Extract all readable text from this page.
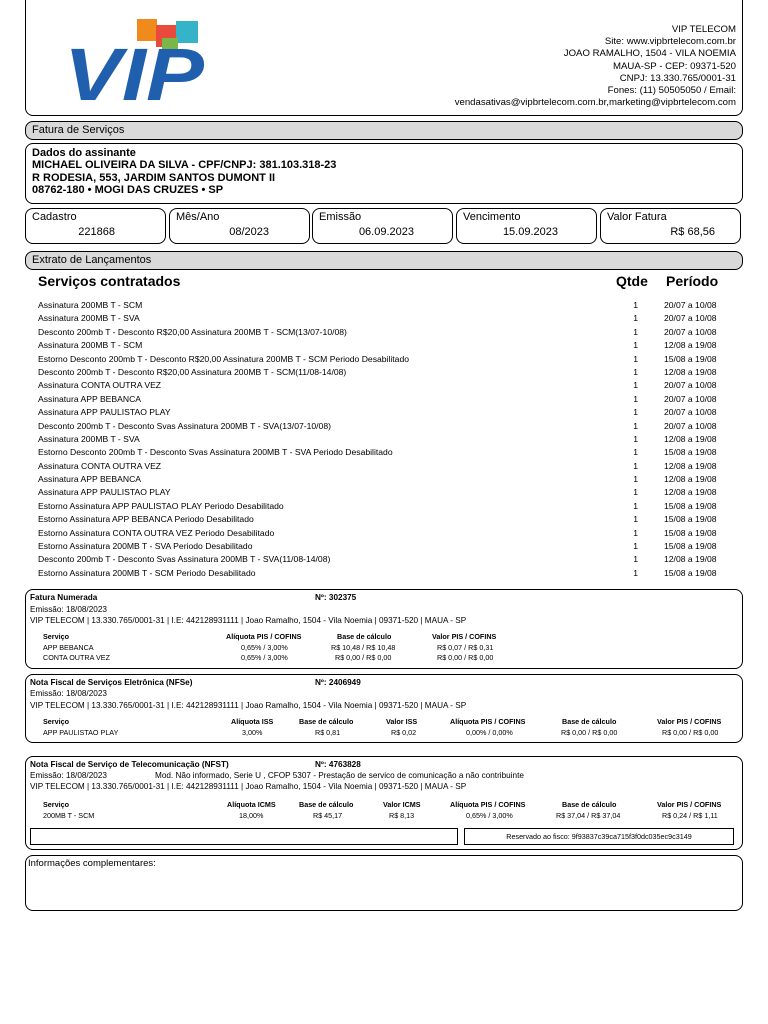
VIP
VIP TELECOM
Site: www.vipbrtelecom.com.br
JOAO RAMALHO, 1504 - VILA NOEMIA
MAUA-SP - CEP: 09371-520
CNPJ: 13.330.765/0001-31
Fones: (11) 50505050 / Email:
vendasativas@vipbrtelecom.com.br,marketing@vipbrtelecom.com
Fatura de Serviços
Dados do assinante
MICHAEL OLIVEIRA DA SILVA - CPF/CNPJ: 381.103.318-23
R RODESIA, 553, JARDIM SANTOS DUMONT II
08762-180 • MOGI DAS CRUZES • SP
Cadastro
221868
Mês/Ano
08/2023
Emissão
06.09.2023
Vencimento
15.09.2023
Valor Fatura
R$ 68,56
Extrato de Lançamentos
Serviços contratados	Qtde Período
Assinatura 200MB T - SCM	1	20/07 a 10/08
Assinatura 200MB T - SVA	1	20/07 a 10/08
Desconto 200mb T - Desconto R$20,00 Assinatura 200MB T - SCM(13/07-10/08)	1	20/07 a 10/08
Assinatura 200MB T - SCM	1	12/08 a 19/08
Estorno Desconto 200mb T - Desconto R$20,00 Assinatura 200MB T - SCM Periodo Desabilitado	1	15/08 a 19/08
Desconto 200mb T - Desconto R$20,00 Assinatura 200MB T - SCM(11/08-14/08)	1	12/08 a 19/08
Assinatura CONTA OUTRA VEZ	1	20/07 a 10/08
Assinatura APP BEBANCA	1	20/07 a 10/08
Assinatura APP PAULISTAO PLAY	1	20/07 a 10/08
Desconto 200mb T - Desconto Svas Assinatura 200MB T - SVA(13/07-10/08)	1	20/07 a 10/08
Assinatura 200MB T - SVA	1	12/08 a 19/08
Estorno Desconto 200mb T - Desconto Svas Assinatura 200MB T - SVA Periodo Desabilitado	1	15/08 a 19/08
Assinatura CONTA OUTRA VEZ	1	12/08 a 19/08
Assinatura APP BEBANCA	1	12/08 a 19/08
Assinatura APP PAULISTAO PLAY	1	12/08 a 19/08
Estorno Assinatura APP PAULISTAO PLAY Periodo Desabilitado	1	15/08 a 19/08
Estorno Assinatura APP BEBANCA Periodo Desabilitado	1	15/08 a 19/08
Estorno Assinatura CONTA OUTRA VEZ Periodo Desabilitado	1	15/08 a 19/08
Estorno Assinatura 200MB T - SVA Periodo Desabilitado	1	15/08 a 19/08
Desconto 200mb T - Desconto Svas Assinatura 200MB T - SVA(11/08-14/08)	1	12/08 a 19/08
Estorno Assinatura 200MB T - SCM Periodo Desabilitado	1	15/08 a 19/08
Fatura Numerada	Nº: 302375
Emissão: 18/08/2023
VIP TELECOM | 13.330.765/0001-31 | I.E: 442128931111 | Joao Ramalho, 1504 - Vila Noemia | 09371-520 | MAUA - SP
Serviço	Alíquota PIS / COFINS	Base de cálculo	Valor PIS / COFINS
APP BEBANCA	0,65% / 3,00%	R$ 10,48 / R$ 10,48	R$ 0,07 / R$ 0,31
CONTA OUTRA VEZ	0,65% / 3,00%	R$ 0,00 / R$ 0,00	R$ 0,00 / R$ 0,00
Nota Fiscal de Serviços Eletrônica (NFSe)	Nº: 2406949
Emissão: 18/08/2023
VIP TELECOM | 13.330.765/0001-31 | I.E: 442128931111 | Joao Ramalho, 1504 - Vila Noemia | 09371-520 | MAUA - SP
Serviço	Alíquota ISS	Base de cálculo	Valor ISS	Alíquota PIS / COFINS	Base de cálculo	Valor PIS / COFINS
APP PAULISTAO PLAY	3,00%	R$ 0,81	R$ 0,02	0,00% / 0,00%	R$ 0,00 / R$ 0,00	R$ 0,00 / R$ 0,00
Nota Fiscal de Serviço de Telecomunicação (NFST)	Nº: 4763828
Emissão: 18/08/2023	Mod. Não informado, Serie U , CFOP 5307 - Prestação de servico de comunicação a não contribuinte
VIP TELECOM | 13.330.765/0001-31 | I.E: 442128931111 | Joao Ramalho, 1504 - Vila Noemia | 09371-520 | MAUA - SP
Serviço	Alíquota ICMS	Base de cálculo	Valor ICMS	Alíquota PIS / COFINS	Base de cálculo	Valor PIS / COFINS
200MB T - SCM	18,00%	R$ 45,17	R$ 8,13	0,65% / 3,00%	R$ 37,04 / R$ 37,04	R$ 0,24 / R$ 1,11
Reservado ao fisco: 9f93837c39ca715f3f0dc035ec9c3149
Informações complementares:
